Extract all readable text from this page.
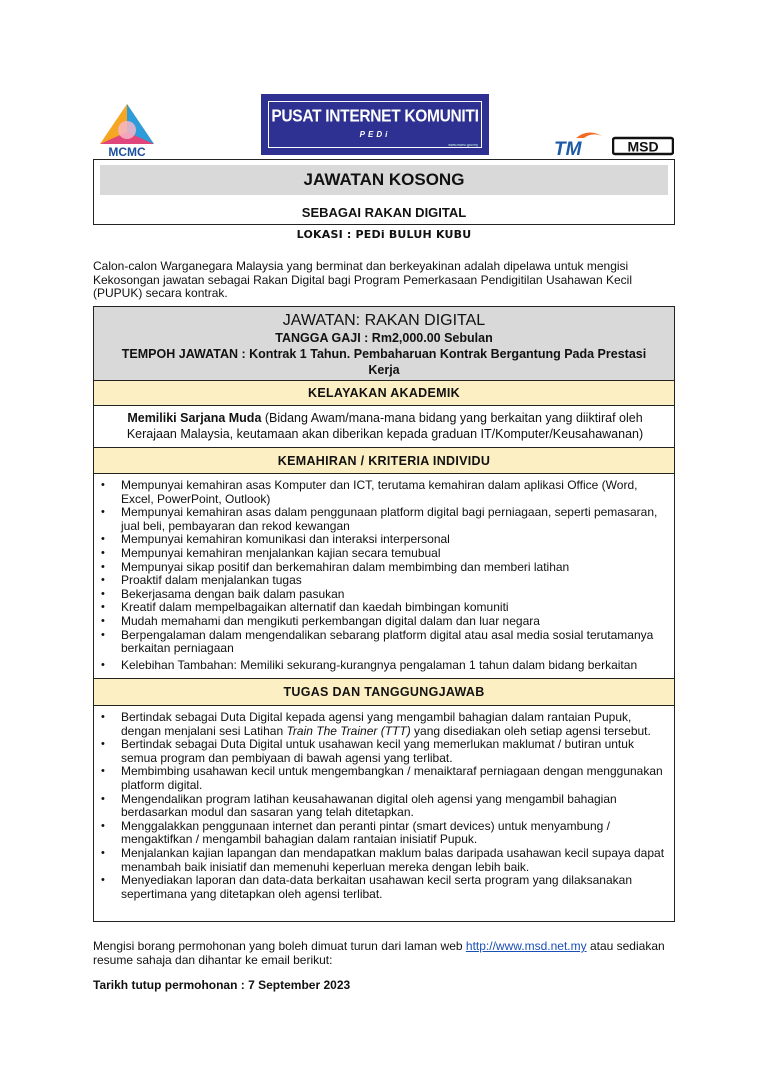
MCMC
PUSAT INTERNET KOMUNITI
PEDi
www.mcmc.gov.my	TM	MSD
JAWATAN KOSONG
SEBAGAI RAKAN DIGITAL
LOKASI : PEDi BULUH KUBU
Calon-calon Warganegara Malaysia yang berminat dan berkeyakinan adalah dipelawa untuk mengisi Kekosongan jawatan sebagai Rakan Digital bagi Program Pemerkasaan Pendigitilan Usahawan Kecil (PUPUK) secara kontrak.
JAWATAN: RAKAN DIGITAL
TANGGA GAJI : Rm2,000.00 Sebulan
TEMPOH JAWATAN : Kontrak 1 Tahun. Pembaharuan Kontrak Bergantung Pada Prestasi Kerja
KELAYAKAN AKADEMIK
Memiliki Sarjana Muda (Bidang Awam/mana-mana bidang yang berkaitan yang diiktiraf oleh Kerajaan Malaysia, keutamaan akan diberikan kepada graduan IT/Komputer/Keusahawanan)
KEMAHIRAN / KRITERIA INDIVIDU
• Mempunyai kemahiran asas Komputer dan ICT, terutama kemahiran dalam aplikasi Office (Word, Excel, PowerPoint, Outlook)
• Mempunyai kemahiran asas dalam penggunaan platform digital bagi perniagaan, seperti pemasaran, jual beli, pembayaran dan rekod kewangan
• Mempunyai kemahiran komunikasi dan interaksi interpersonal
• Mempunyai kemahiran menjalankan kajian secara temubual
• Mempunyai sikap positif dan berkemahiran dalam membimbing dan memberi latihan
• Proaktif dalam menjalankan tugas
• Bekerjasama dengan baik dalam pasukan
• Kreatif dalam mempelbagaikan alternatif dan kaedah bimbingan komuniti
• Mudah memahami dan mengikuti perkembangan digital dalam dan luar negara
• Berpengalaman dalam mengendalikan sebarang platform digital atau asal media sosial terutamanya berkaitan perniagaan
• Kelebihan Tambahan: Memiliki sekurang-kurangnya pengalaman 1 tahun dalam bidang berkaitan
TUGAS DAN TANGGUNGJAWAB
• Bertindak sebagai Duta Digital kepada agensi yang mengambil bahagian dalam rantaian Pupuk, dengan menjalani sesi Latihan Train The Trainer (TTT) yang disediakan oleh setiap agensi tersebut.
• Bertindak sebagai Duta Digital untuk usahawan kecil yang memerlukan maklumat / butiran untuk semua program dan pembiyaan di bawah agensi yang terlibat.
• Membimbing usahawan kecil untuk mengembangkan / menaiktaraf perniagaan dengan menggunakan platform digital.
• Mengendalikan program latihan keusahawanan digital oleh agensi yang mengambil bahagian berdasarkan modul dan sasaran yang telah ditetapkan.
• Menggalakkan penggunaan internet dan peranti pintar (smart devices) untuk menyambung / mengaktifkan / mengambil bahagian dalam rantaian inisiatif Pupuk.
• Menjalankan kajian lapangan dan mendapatkan maklum balas daripada usahawan kecil supaya dapat menambah baik inisiatif dan memenuhi keperluan mereka dengan lebih baik.
• Menyediakan laporan dan data-data berkaitan usahawan kecil serta program yang dilaksanakan sepertimana yang ditetapkan oleh agensi terlibat.
Mengisi borang permohonan yang boleh dimuat turun dari laman web http://www.msd.net.my atau sediakan resume sahaja dan dihantar ke email berikut:
Tarikh tutup permohonan : 7 September 2023
